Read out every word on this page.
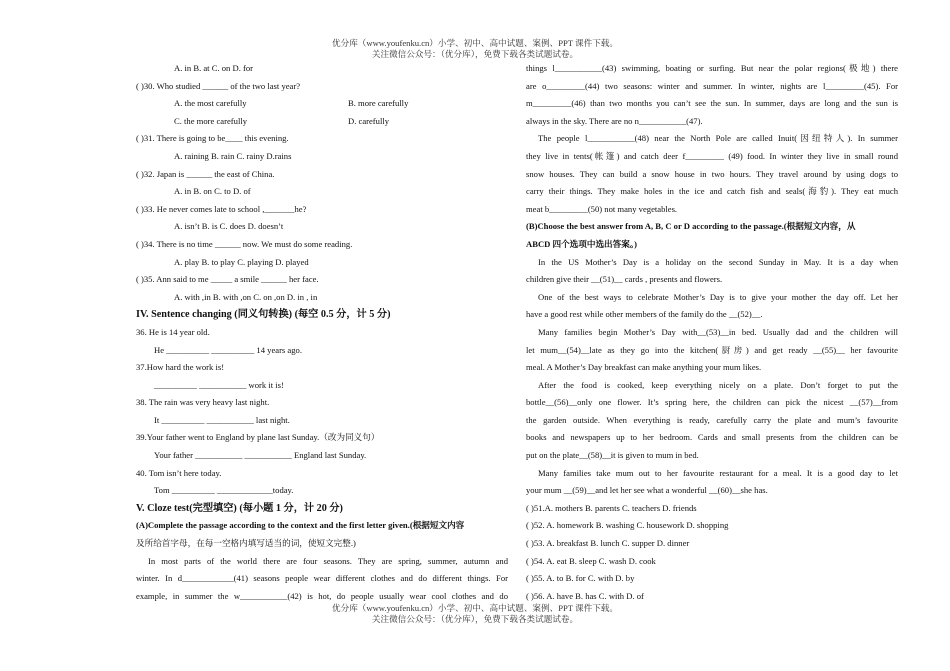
优分库（www.youfenku.cn）小学、初中、高中试题、案例、PPT 课件下载。
关注微信公众号：（优分库），免费下载各类试题试卷。
A. in B. at C. on D. for
( )30. Who studied ______ of the two last year?
A. the most carefully	B. more carefully
C. the more carefully	D. carefully
( )31. There is going to be____ this evening.
A. raining B. rain C. rainy D.rains
( )32. Japan is ______ the east of China.
A. in B. on C. to D. of
( )33. He never comes late to school ,_______he?
A. isn’t B. is C. does D. doesn’t
( )34. There is no time ______ now. We must do some reading.
A. play B. to play C. playing D. played
( )35. Ann said to me _____ a smile ______ her face.
A. with ,in B. with ,on C. on ,on D. in , in
IV. Sentence changing (同义句转换) (每空 0.5 分，计 5 分)
36. He is 14 year old.
He __________ __________ 14 years ago.
37.How hard the work is!
__________ ___________ work it is!
38. The rain was very heavy last night.
It __________ ___________ last night.
39.Your father went to England by plane last Sunday.（改为同义句）
Your father ___________ ___________ England last Sunday.
40. Tom isn’t here today.
Tom __________ _____________today.
V. Cloze test(完型填空) (每小题 1 分，计 20 分)
(A)Complete the passage according to the context and the first letter given.(根据短文内容
及所给首字母，在每一空格内填写适当的词，使短文完整.)
In most parts of the world there are four seasons. They are spring, summer, autumn and
winter. In d____________(41) seasons people wear different clothes and do different things. For
example, in summer the w___________(42) is hot, do people usually wear cool clothes and do
things l___________(43) swimming, boating or surfing. But near the polar regions(极地) there
are o_________(44) two seasons: winter and summer. In winter, nights are l_________(45). For
m_________(46) than two months you can’t see the sun. In summer, days are long and the sun is
always in the sky. There are no n___________(47).
The people l___________(48) near the North Pole are called Inuit(因纽特人). In summer
they live in tents(帐篷) and catch deer f_________ (49) food. In winter they live in small round
snow houses. They can build a snow house in two hours. They travel around by using dogs to
carry their things. They make holes in the ice and catch fish and seals(海豹). They eat much
meat b_________(50) not many vegetables.
(B)Choose the best answer from A, B, C or D according to the passage.(根据短文内容，从
ABCD 四个选项中选出答案。)
In the US Mother’s Day is a holiday on the second Sunday in May. It is a day when
children give their __(51)__ cards , presents and flowers.
One of the best ways to celebrate Mother’s Day is to give your mother the day off. Let her
have a good rest while other members of the family do the __(52)__.
Many families begin Mother’s Day with__(53)__in bed. Usually dad and the children will
let mum__(54)__late as they go into the kitchen(厨房) and get ready __(55)__ her favourite
meal. A Mother’s Day breakfast can make anything your mum likes.
After the food is cooked, keep everything nicely on a plate. Don’t forget to put the
bottle__(56)__only one flower. It’s spring here, the children can pick the nicest __(57)__from
the garden outside. When everything is ready, carefully carry the plate and mum’s favourite
books and newspapers up to her bedroom. Cards and small presents from the children can be
put on the plate__(58)__it is given to mum in bed.
Many families take mum out to her favourite restaurant for a meal. It is a good day to let
your mum __(59)__and let her see what a wonderful __(60)__she has.
( )51.A. mothers B. parents C. teachers D. friends
( )52. A. homework B. washing C. housework D. shopping
( )53. A. breakfast B. lunch C. supper D. dinner
( )54. A. eat B. sleep C. wash D. cook
( )55. A. to B. for C. with D. by
( )56. A. have B. has C. with D. of
优分库（www.youfenku.cn）小学、初中、高中试题、案例、PPT 课件下载。
关注微信公众号：（优分库），免费下载各类试题试卷。
